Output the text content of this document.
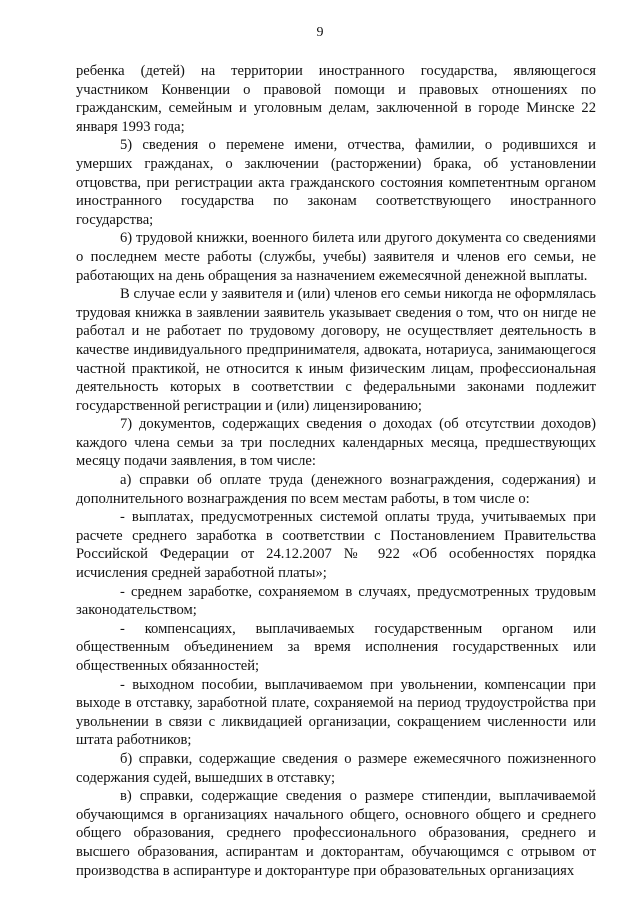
9

ребенка (детей) на территории иностранного государства, являющегося участником Конвенции о правовой помощи и правовых отношениях по гражданским, семейным и уголовным делам, заключенной в городе Минске 22 января 1993 года;

5) сведения о перемене имени, отчества, фамилии, о родившихся и умерших гражданах, о заключении (расторжении) брака, об установлении отцовства, при регистрации акта гражданского состояния компетентным органом иностранного государства по законам соответствующего иностранного государства;

6) трудовой книжки, военного билета или другого документа со сведениями о последнем месте работы (службы, учебы) заявителя и членов его семьи, не работающих на день обращения за назначением ежемесячной денежной выплаты.

В случае если у заявителя и (или) членов его семьи никогда не оформлялась трудовая книжка в заявлении заявитель указывает сведения о том, что он нигде не работал и не работает по трудовому договору, не осуществляет деятельность в качестве индивидуального предпринимателя, адвоката, нотариуса, занимающегося частной практикой, не относится к иным физическим лицам, профессиональная деятельность которых в соответствии с федеральными законами подлежит государственной регистрации и (или) лицензированию;

7) документов, содержащих сведения о доходах (об отсутствии доходов) каждого члена семьи за три последних календарных месяца, предшествующих месяцу подачи заявления, в том числе:

а) справки об оплате труда (денежного вознаграждения, содержания) и дополнительного вознаграждения по всем местам работы, в том числе о:

- выплатах, предусмотренных системой оплаты труда, учитываемых при расчете среднего заработка в соответствии с Постановлением Правительства Российской Федерации от 24.12.2007 № 922 «Об особенностях порядка исчисления средней заработной платы»;

- среднем заработке, сохраняемом в случаях, предусмотренных трудовым законодательством;

- компенсациях, выплачиваемых государственным органом или общественным объединением за время исполнения государственных или общественных обязанностей;

- выходном пособии, выплачиваемом при увольнении, компенсации при выходе в отставку, заработной плате, сохраняемой на период трудоустройства при увольнении в связи с ликвидацией организации, сокращением численности или штата работников;

б) справки, содержащие сведения о размере ежемесячного пожизненного содержания судей, вышедших в отставку;

в) справки, содержащие сведения о размере стипендии, выплачиваемой обучающимся в организациях начального общего, основного общего и среднего общего образования, среднего профессионального образования, среднего и высшего образования, аспирантам и докторантам, обучающимся с отрывом от производства в аспирантуре и докторантуре при образовательных организациях
